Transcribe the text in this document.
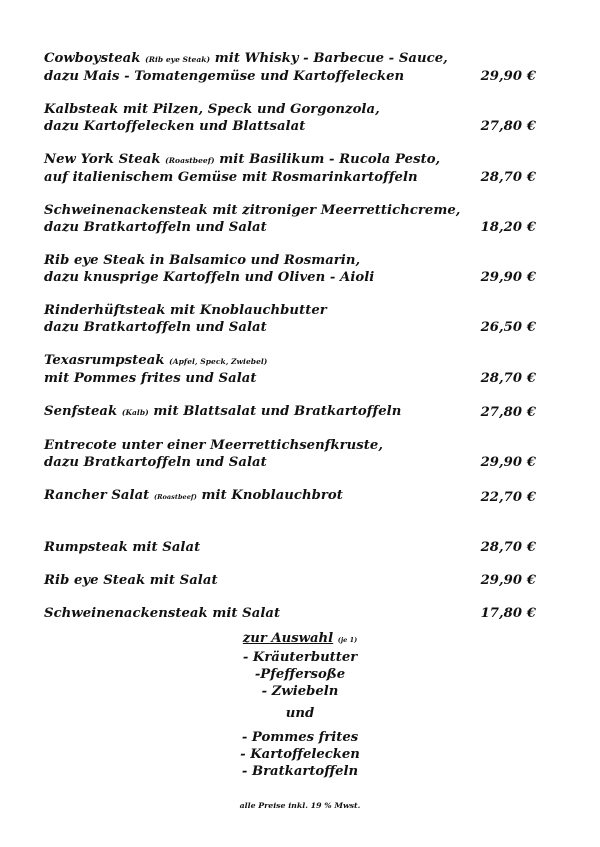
Cowboysteak (Rib eye Steak) mit Whisky - Barbecue - Sauce,
dazu Mais - Tomatengemüse und Kartoffelecken	29,90 €
Kalbsteak mit Pilzen, Speck und Gorgonzola,
dazu Kartoffelecken und Blattsalat	27,80 €
New York Steak (Roastbeef) mit Basilikum - Rucola Pesto,
auf italienischem Gemüse mit Rosmarinkartoffeln	28,70 €
Schweinenackensteak mit zitroniger Meerrettichcreme,
dazu Bratkartoffeln und Salat	18,20 €
Rib eye Steak in Balsamico und Rosmarin,
dazu knusprige Kartoffeln und Oliven - Aioli	29,90 €
Rinderhüftsteak mit Knoblauchbutter
dazu Bratkartoffeln und Salat	26,50 €
Texasrumpsteak (Apfel, Speck, Zwiebel)
mit Pommes frites und Salat	28,70 €
Senfsteak (Kalb) mit Blattsalat und Bratkartoffeln	27,80 €
Entrecote unter einer Meerrettichsenfkruste,
dazu Bratkartoffeln und Salat	29,90 €
Rancher Salat (Roastbeef) mit Knoblauchbrot	22,70 €
Rumpsteak mit Salat	28,70 €
Rib eye Steak mit Salat	29,90 €
Schweinenackensteak mit Salat	17,80 €
zur Auswahl (je 1)
- Kräuterbutter
-Pfeffersoße
- Zwiebeln
und
- Pommes frites
- Kartoffelecken
- Bratkartoffeln
alle Preise inkl. 19 % Mwst.
